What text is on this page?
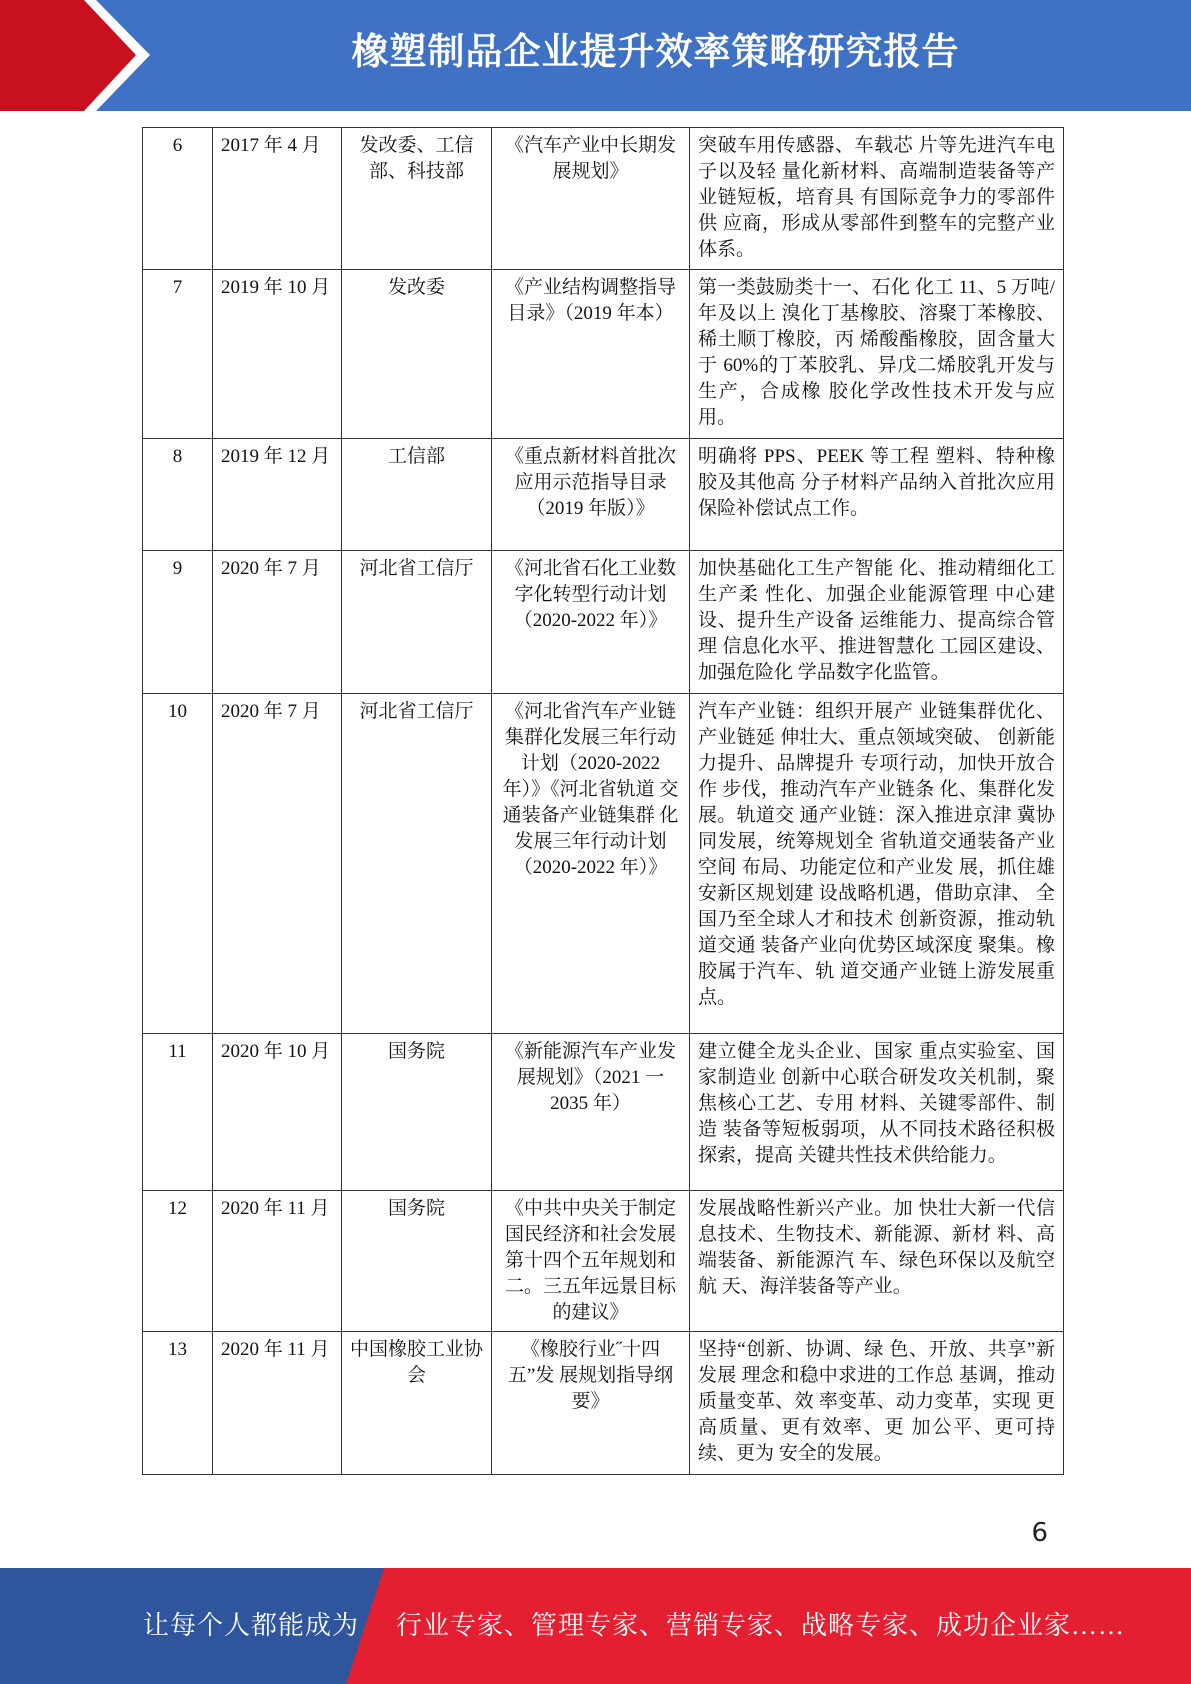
橡塑制品企业提升效率策略研究报告
6	2017 年 4 月	发改委、工信部、科技部	《汽车产业中长期发 展规划》	突破车用传感器、车载芯 片等先进汽车电子以及轻 量化新材料、高端制造装备等产业链短板，培育具 有国际竞争力的零部件供 应商，形成从零部件到整车的完整产业体系。
7	2019 年 10 月	发改委	《产业结构调整指导 目录》（2019 年本）	第一类鼓励类十一、石化 化工 11、5 万吨/年及以上 溴化丁基橡胶、溶聚丁苯橡胶、稀土顺丁橡胶，丙 烯酸酯橡胶，固含量大于 60%的丁苯胶乳、异戊二烯胶乳开发与生产，合成橡 胶化学改性技术开发与应 用。
8	2019 年 12 月	工信部	《重点新材料首批次 应用示范指导目录（2019 年版）》	明确将 PPS、PEEK 等工程 塑料、特种橡胶及其他高 分子材料产品纳入首批次应用保险补偿试点工作。
9	2020 年 7 月	河北省工信厅	《河北省石化工业数 字化转型行动计划 （2020-2022 年）》	加快基础化工生产智能 化、推动精细化工生产柔 性化、加强企业能源管理 中心建设、提升生产设备 运维能力、提高综合管理 信息化水平、推进智慧化 工园区建设、加强危险化 学品数字化监管。
10	2020 年 7 月	河北省工信厅	《河北省汽车产业链 集群化发展三年行动 计划（2020-2022 年）》《河北省轨道 交通装备产业链集群 化发展三年行动计划（2020-2022 年）》	汽车产业链：组织开展产 业链集群优化、产业链延 伸壮大、重点领域突破、 创新能力提升、品牌提升 专项行动，加快开放合作 步伐，推动汽车产业链条 化、集群化发展。轨道交 通产业链：深入推进京津 冀协同发展，统筹规划全 省轨道交通装备产业空间 布局、功能定位和产业发 展，抓住雄安新区规划建 设战略机遇，借助京津、 全国乃至全球人才和技术 创新资源，推动轨道交通 装备产业向优势区域深度 聚集。橡胶属于汽车、轨 道交通产业链上游发展重 点。
11	2020 年 10 月	国务院	《新能源汽车产业发 展规划》（2021 一 2035 年）	建立健全龙头企业、国家 重点实验室、国家制造业 创新中心联合研发攻关机制，聚焦核心工艺、专用 材料、关键零部件、制造 装备等短板弱项，从不同技术路径积极探索，提高 关键共性技术供给能力。
12	2020 年 11 月	国务院	《中共中央关于制定 国民经济和社会发展第十四个五年规划和 二。三五年远景目标 的建议》	发展战略性新兴产业。加 快壮大新一代信息技术、生物技术、新能源、新材 料、高端装备、新能源汽 车、绿色环保以及航空航 天、海洋装备等产业。
13	2020 年 11 月	中国橡胶工业协 会	《橡胶行业˝十四五”发 展规划指导纲要》	坚持“创新、协调、绿 色、开放、共享”新发展 理念和稳中求进的工作总 基调，推动质量变革、效 率变革、动力变革，实现 更高质量、更有效率、更 加公平、更可持续、更为 安全的发展。
6
让每个人都能成为 行业专家、管理专家、营销专家、战略专家、成功企业家……
